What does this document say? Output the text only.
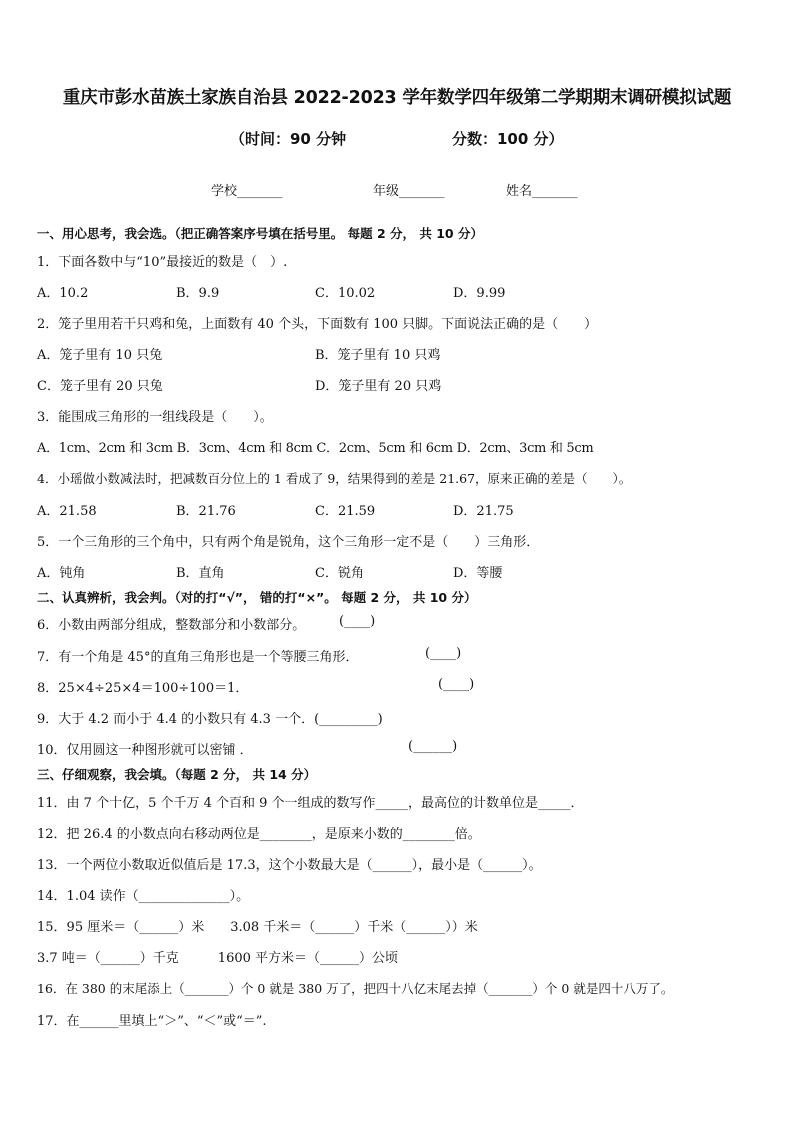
重庆市彭水苗族土家族自治县 2022-2023 学年数学四年级第二学期期末调研模拟试题
（时间：90 分钟	分数：100 分）
学校_______	年级_______	姓名_______
一、用心思考，我会选。（把正确答案序号填在括号里。 每题 2 分， 共 10 分）
1．下面各数中与“10”最接近的数是（　）.
A．10.2	B．9.9	C．10.02	D．9.99
2．笼子里用若干只鸡和兔，上面数有 40 个头，下面数有 100 只脚。下面说法正确的是（　　）
A．笼子里有 10 只兔	B．笼子里有 10 只鸡
C．笼子里有 20 只兔	D．笼子里有 20 只鸡
3．能围成三角形的一组线段是（　　）。
A．1cm、2cm 和 3cm B．3cm、4cm 和 8cm C．2cm、5cm 和 6cm D．2cm、3cm 和 5cm
4．小瑶做小数减法时，把减数百分位上的 1 看成了 9，结果得到的差是 21.67，原来正确的差是（　　）。
A．21.58	B．21.76	C．21.59	D．21.75
5．一个三角形的三个角中，只有两个角是锐角，这个三角形一定不是（　　）三角形．
A．钝角	B．直角	C．锐角	D．等腰
二、认真辨析，我会判。（对的打“√”， 错的打“×”。 每题 2 分， 共 10 分）
6．小数由两部分组成，整数部分和小数部分。	(____)
7．有一个角是 45°的直角三角形也是一个等腰三角形．	(____)
8．25×4÷25×4＝100÷100＝1．	(____)
9．大于 4.2 而小于 4.4 的小数只有 4.3 一个．(_________)
10．仅用圆这一种图形就可以密铺 ．	(______)
三、仔细观察，我会填。（每题 2 分， 共 14 分）
11．由 7 个十亿，5 个千万 4 个百和 9 个一组成的数写作_____，最高位的计数单位是_____．
12．把 26.4 的小数点向右移动两位是________，是原来小数的________倍。
13．一个两位小数取近似值后是 17.3，这个小数最大是（______），最小是（______）。
14．1.04 读作（______________）。
15．95 厘米＝（______）米　　3.08 千米＝（______）千米（______））米
3.7 吨＝（______）千克　　　1600 平方米＝（______）公顷
16．在 380 的末尾添上（_______）个 0 就是 380 万了，把四十八亿末尾去掉（_______）个 0 就是四十八万了。
17．在______里填上“＞”、“＜”或“＝”.
